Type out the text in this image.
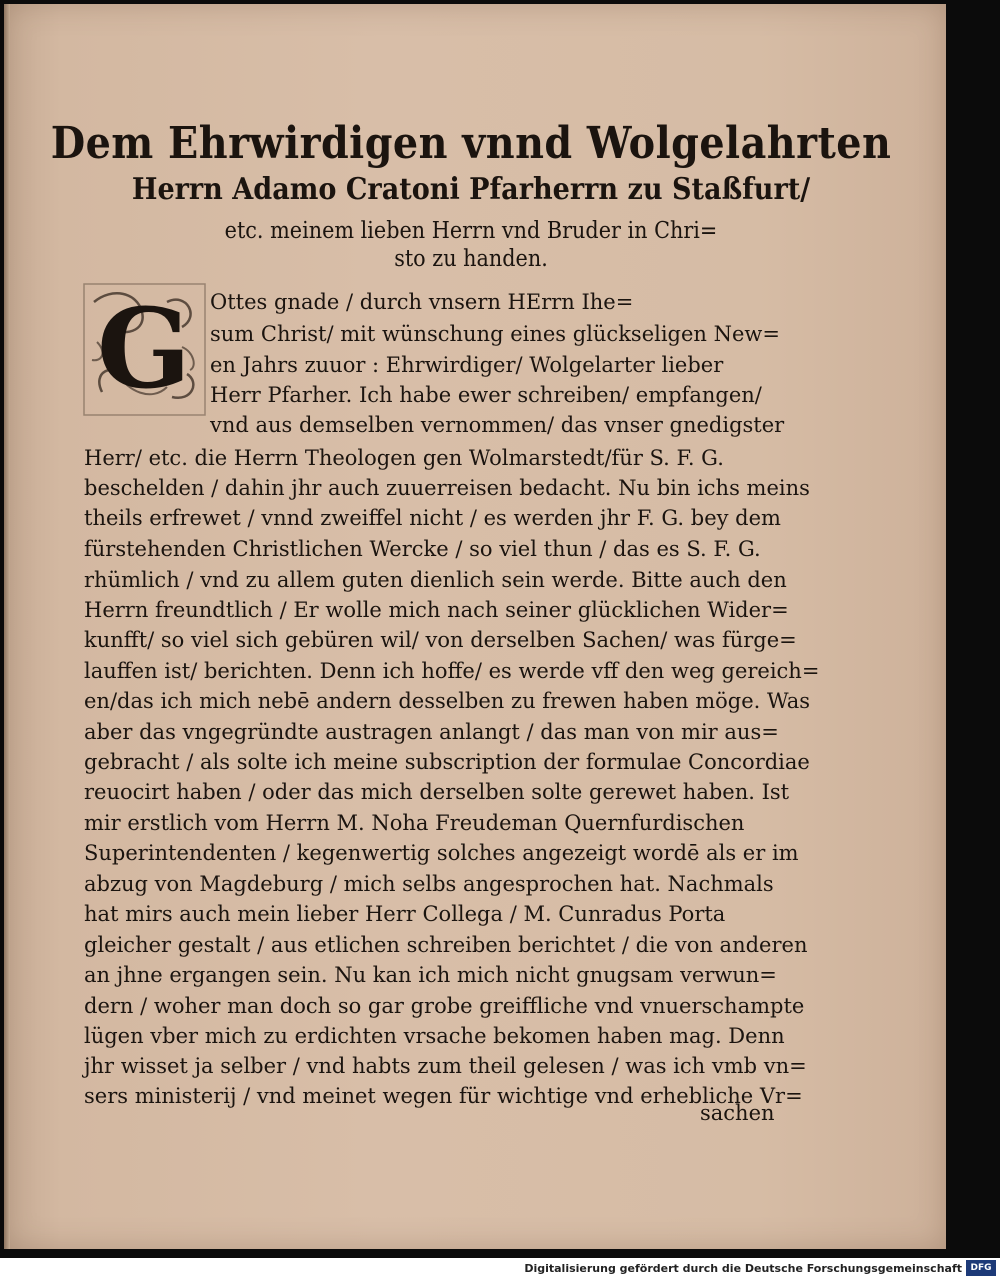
Dem Ehrwirdigen vnnd Wolgelahrten
Herrn Adamo Cratoni Pfarherrn zu Staßfurt/
etc. meinem lieben Herrn vnd Bruder in Chri=
sto zu handen.
G Ottes gnade / durch vnsern HErrn Ihe=
sum Christ/ mit wünschung eines glückseligen New=
en Jahrs zuuor : Ehrwirdiger/ Wolgelarter lieber
Herr Pfarher. Ich habe ewer schreiben/ empfangen/
vnd aus demselben vernommen/ das vnser gnedigster
Herr/ etc. die Herrn Theologen gen Wolmarstedt/für S. F. G.
beschelden / dahin jhr auch zuuerreisen bedacht. Nu bin ichs meins
theils erfrewet / vnnd zweiffel nicht / es werden jhr F. G. bey dem
fürstehenden Christlichen Wercke / so viel thun / das es S. F. G.
rhümlich / vnd zu allem guten dienlich sein werde. Bitte auch den
Herrn freundtlich / Er wolle mich nach seiner glücklichen Wider=
kunfft/ so viel sich gebüren wil/ von derselben Sachen/ was fürge=
lauffen ist/ berichten. Denn ich hoffe/ es werde vff den weg gereich=
en/das ich mich nebē andern desselben zu frewen haben möge. Was
aber das vngegründte austragen anlangt / das man von mir aus=
gebracht / als solte ich meine subscription der formulae Concordiae
reuocirt haben / oder das mich derselben solte gerewet haben. Ist
mir erstlich vom Herrn M. Noha Freudeman Quernfurdischen
Superintendenten / kegenwertig solches angezeigt wordē als er im
abzug von Magdeburg / mich selbs angesprochen hat. Nachmals
hat mirs auch mein lieber Herr Collega / M. Cunradus Porta
gleicher gestalt / aus etlichen schreiben berichtet / die von anderen
an jhne ergangen sein. Nu kan ich mich nicht gnugsam verwun=
dern / woher man doch so gar grobe greiffliche vnd vnuerschampte
lügen vber mich zu erdichten vrsache bekomen haben mag. Denn
jhr wisset ja selber / vnd habts zum theil gelesen / was ich vmb vn=
sers ministerij / vnd meinet wegen für wichtige vnd erhebliche Vr=
sachen
Digitalisierung gefördert durch die Deutsche Forschungsgemeinschaft DFG
